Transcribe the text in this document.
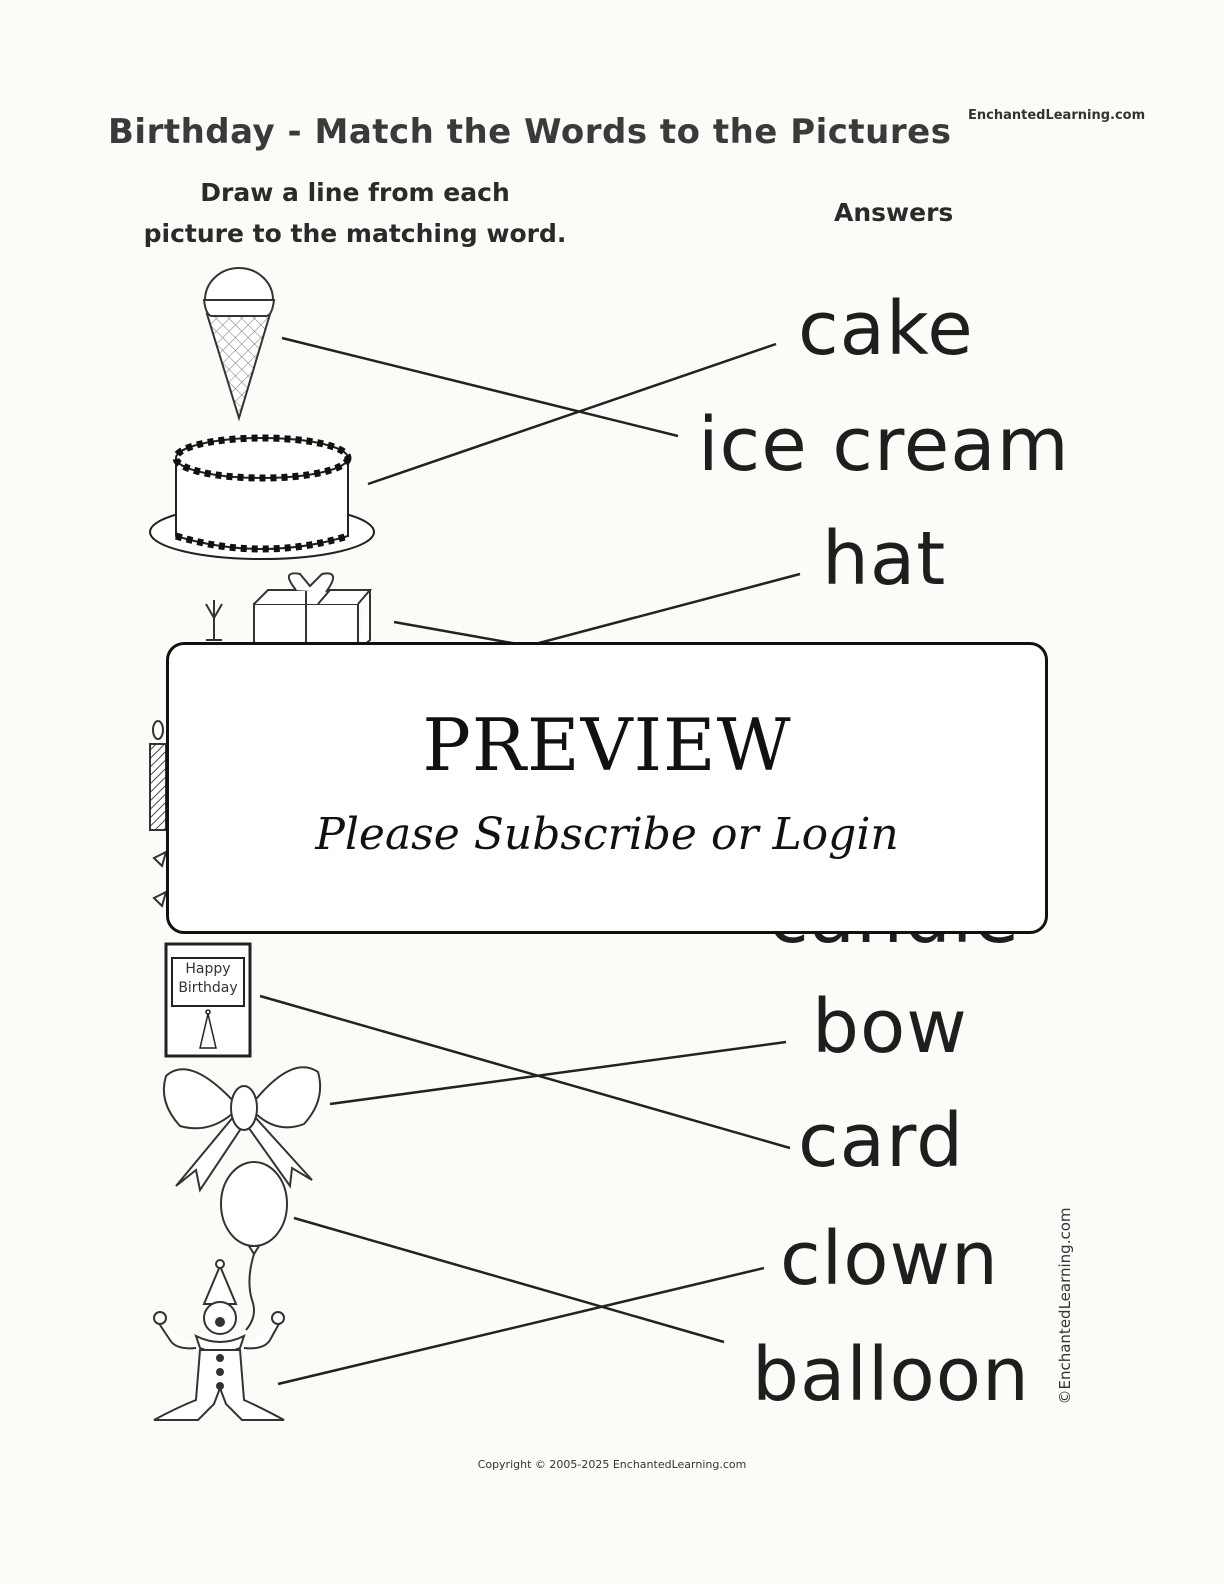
Birthday - Match the Words to the Pictures EnchantedLearning.com
Draw a line from each
picture to the matching word.
Answers
cake
ice cream
hat
bow
card
clown
balloon
Happy
Birthday
PREVIEW
Please Subscribe or Login
©EnchantedLearning.com
Copyright © 2005-2025 EnchantedLearning.com
